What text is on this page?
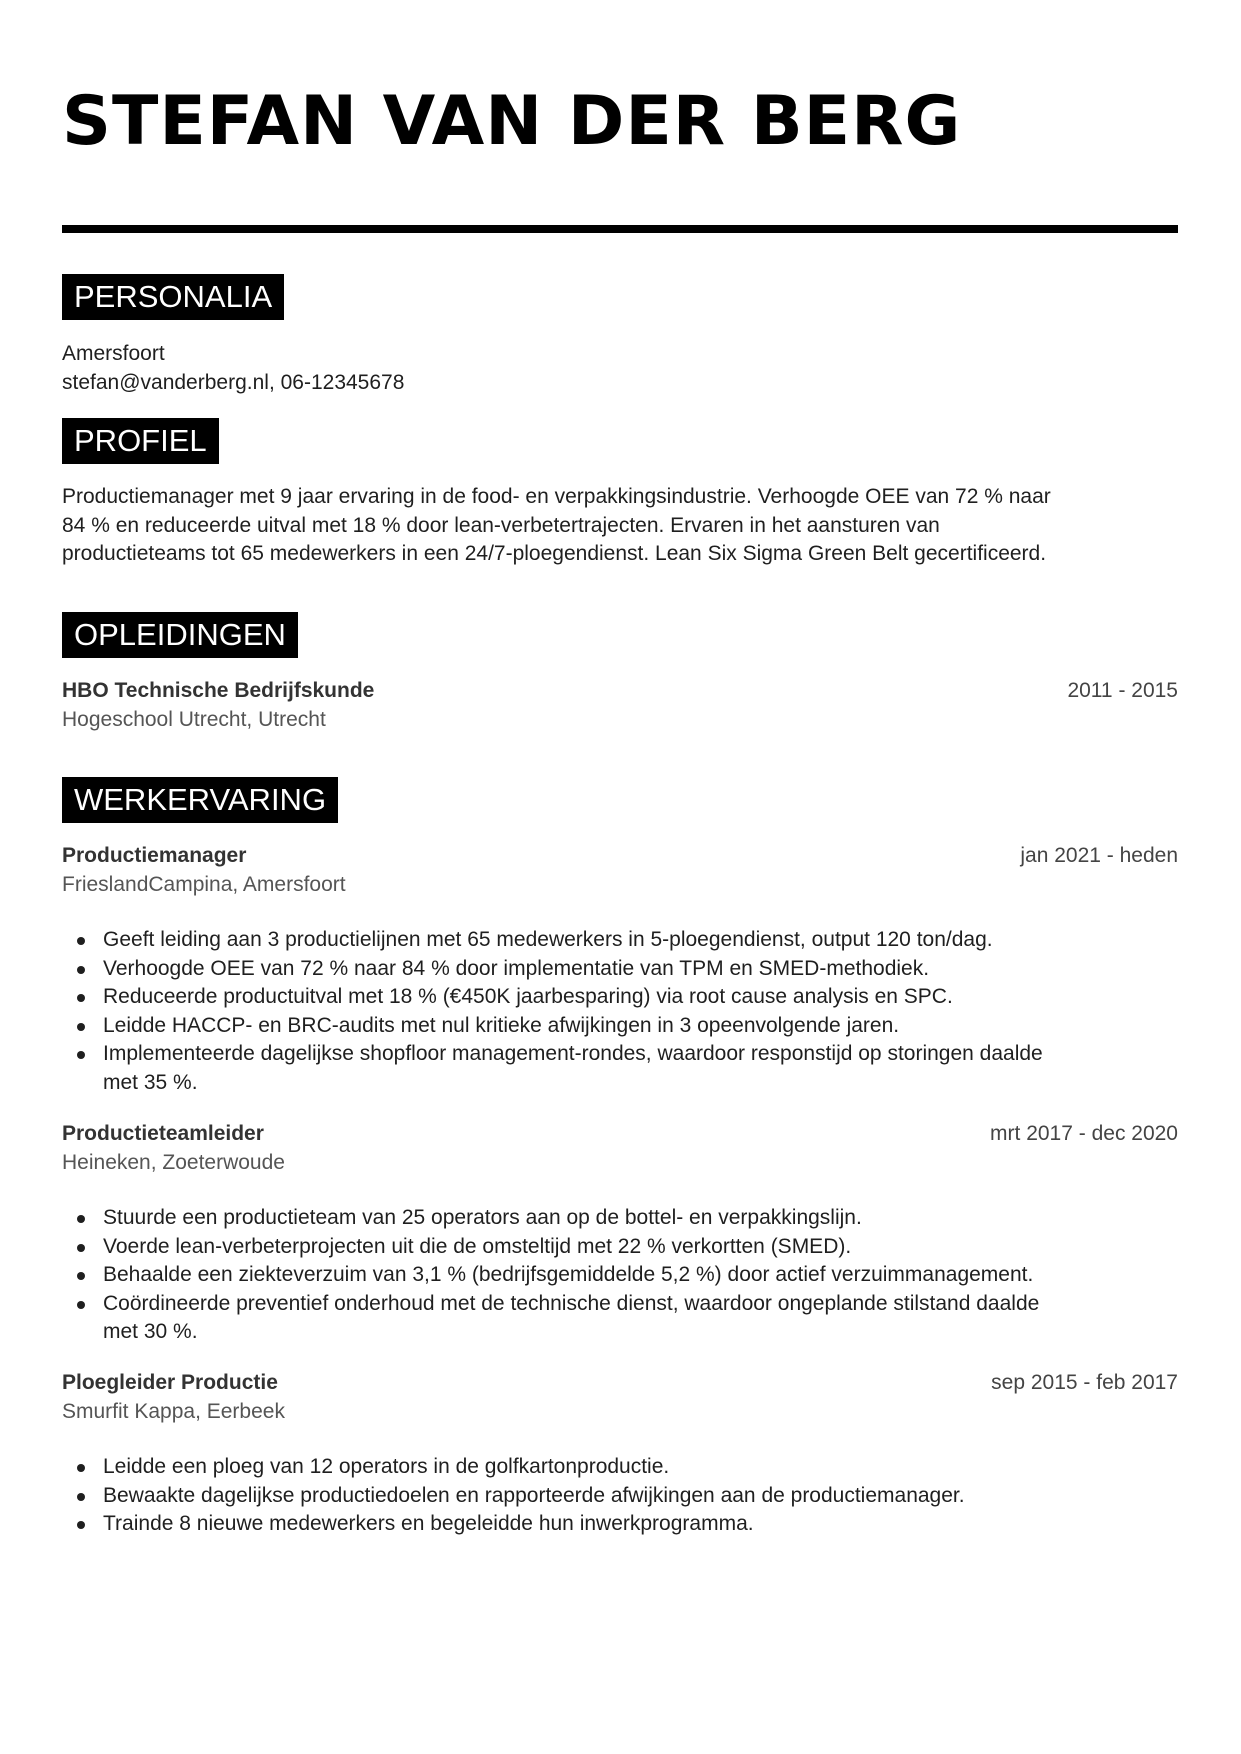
STEFAN VAN DER BERG
PERSONALIA

Amersfoort

stefan@vanderberg.nl, 06-12345678

PROFIEL

Productiemanager met 9 jaar ervaring in de food- en verpakkingsindustrie. Verhoogde OEE van 72 % naar

84 % en reduceerde uitval met 18 % door lean-verbetertrajecten. Ervaren in het aansturen van

productieteams tot 65 medewerkers in een 24/7-ploegendienst. Lean Six Sigma Green Belt gecertificeerd.

OPLEIDINGEN
HBO Technische Bedrijfskunde	2011 - 2015
Hogeschool Utrecht, Utrecht
WERKERVARING
Productiemanager	jan 2021 - heden
FrieslandCampina, Amersfoort
Geeft leiding aan 3 productielijnen met 65 medewerkers in 5-ploegendienst, output 120 ton/dag.
Verhoogde OEE van 72 % naar 84 % door implementatie van TPM en SMED-methodiek.
Reduceerde productuitval met 18 % (€450K jaarbesparing) via root cause analysis en SPC.
Leidde HACCP- en BRC-audits met nul kritieke afwijkingen in 3 opeenvolgende jaren.
Implementeerde dagelijkse shopfloor management-rondes, waardoor responstijd op storingen daalde
met 35 %.
Productieteamleider	mrt 2017 - dec 2020
Heineken, Zoeterwoude
Stuurde een productieteam van 25 operators aan op de bottel- en verpakkingslijn.
Voerde lean-verbeterprojecten uit die de omsteltijd met 22 % verkortten (SMED).
Behaalde een ziekteverzuim van 3,1 % (bedrijfsgemiddelde 5,2 %) door actief verzuimmanagement.
Coördineerde preventief onderhoud met de technische dienst, waardoor ongeplande stilstand daalde
met 30 %.
Ploegleider Productie	sep 2015 - feb 2017
Smurfit Kappa, Eerbeek
Leidde een ploeg van 12 operators in de golfkartonproductie.
Bewaakte dagelijkse productiedoelen en rapporteerde afwijkingen aan de productiemanager.
Trainde 8 nieuwe medewerkers en begeleidde hun inwerkprogramma.
